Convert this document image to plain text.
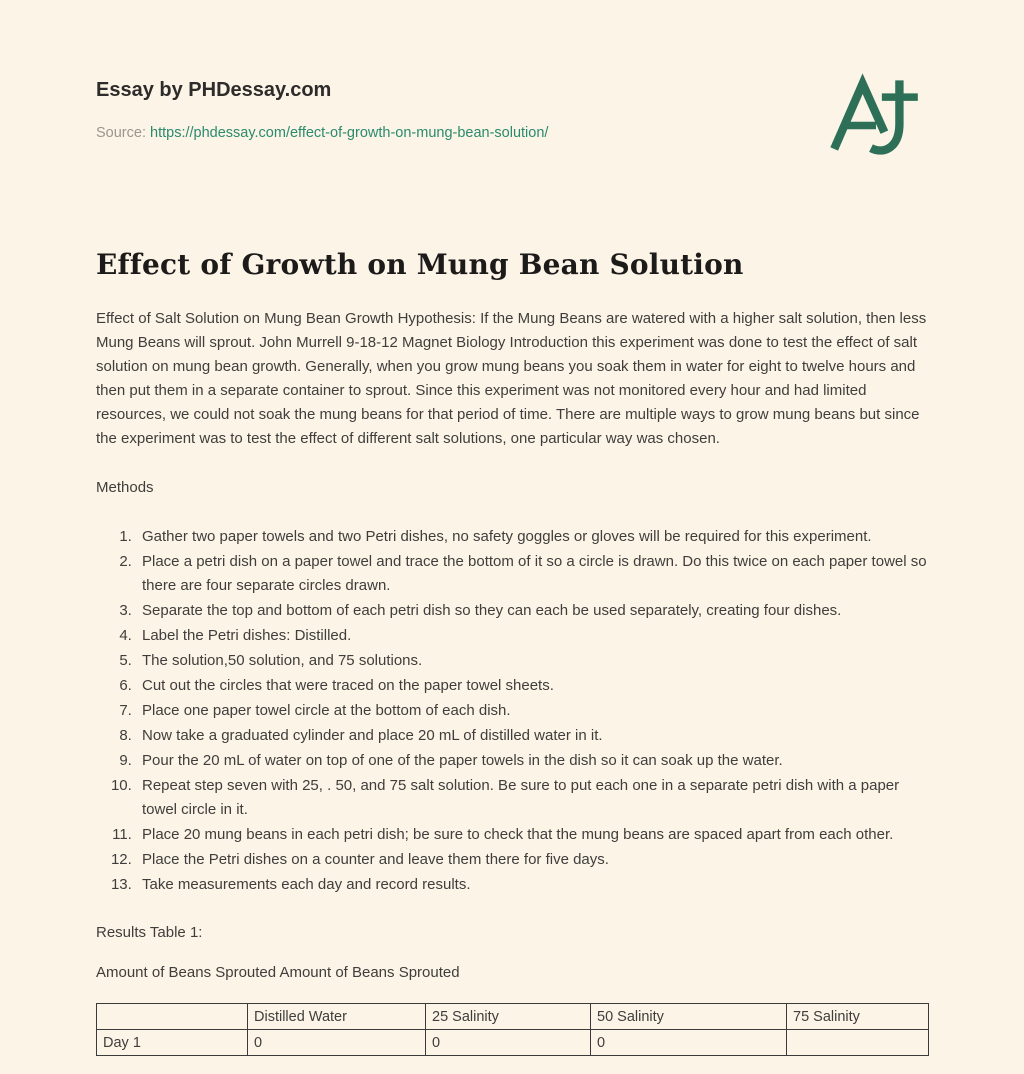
Essay by PHDessay.com
Source: https://phdessay.com/effect-of-growth-on-mung-bean-solution/
Effect of Growth on Mung Bean Solution

Effect of Salt Solution on Mung Bean Growth Hypothesis: If the Mung Beans are watered with a higher salt solution, then less Mung Beans will sprout. John Murrell 9-18-12 Magnet Biology Introduction this experiment was done to test the effect of salt solution on mung bean growth. Generally, when you grow mung beans you soak them in water for eight to twelve hours and then put them in a separate container to sprout. Since this experiment was not monitored every hour and had limited resources, we could not soak the mung beans for that period of time. There are multiple ways to grow mung beans but since the experiment was to test the effect of different salt solutions, one particular way was chosen.

Methods

1. Gather two paper towels and two Petri dishes, no safety goggles or gloves will be required for this experiment.
2. Place a petri dish on a paper towel and trace the bottom of it so a circle is drawn. Do this twice on each paper towel so there are four separate circles drawn.
3. Separate the top and bottom of each petri dish so they can each be used separately, creating four dishes.
4. Label the Petri dishes: Distilled.
5. The solution,50 solution, and 75 solutions.
6. Cut out the circles that were traced on the paper towel sheets.
7. Place one paper towel circle at the bottom of each dish.
8. Now take a graduated cylinder and place 20 mL of distilled water in it.
9. Pour the 20 mL of water on top of one of the paper towels in the dish so it can soak up the water.
10. Repeat step seven with 25, . 50, and 75 salt solution. Be sure to put each one in a separate petri dish with a paper towel circle in it.
11. Place 20 mung beans in each petri dish; be sure to check that the mung beans are spaced apart from each other.
12. Place the Petri dishes on a counter and leave them there for five days.
13. Take measurements each day and record results.

Results Table 1:

Amount of Beans Sprouted Amount of Beans Sprouted

	Distilled Water	25 Salinity	50 Salinity	75 Salinity
Day 1	0	0	0	
